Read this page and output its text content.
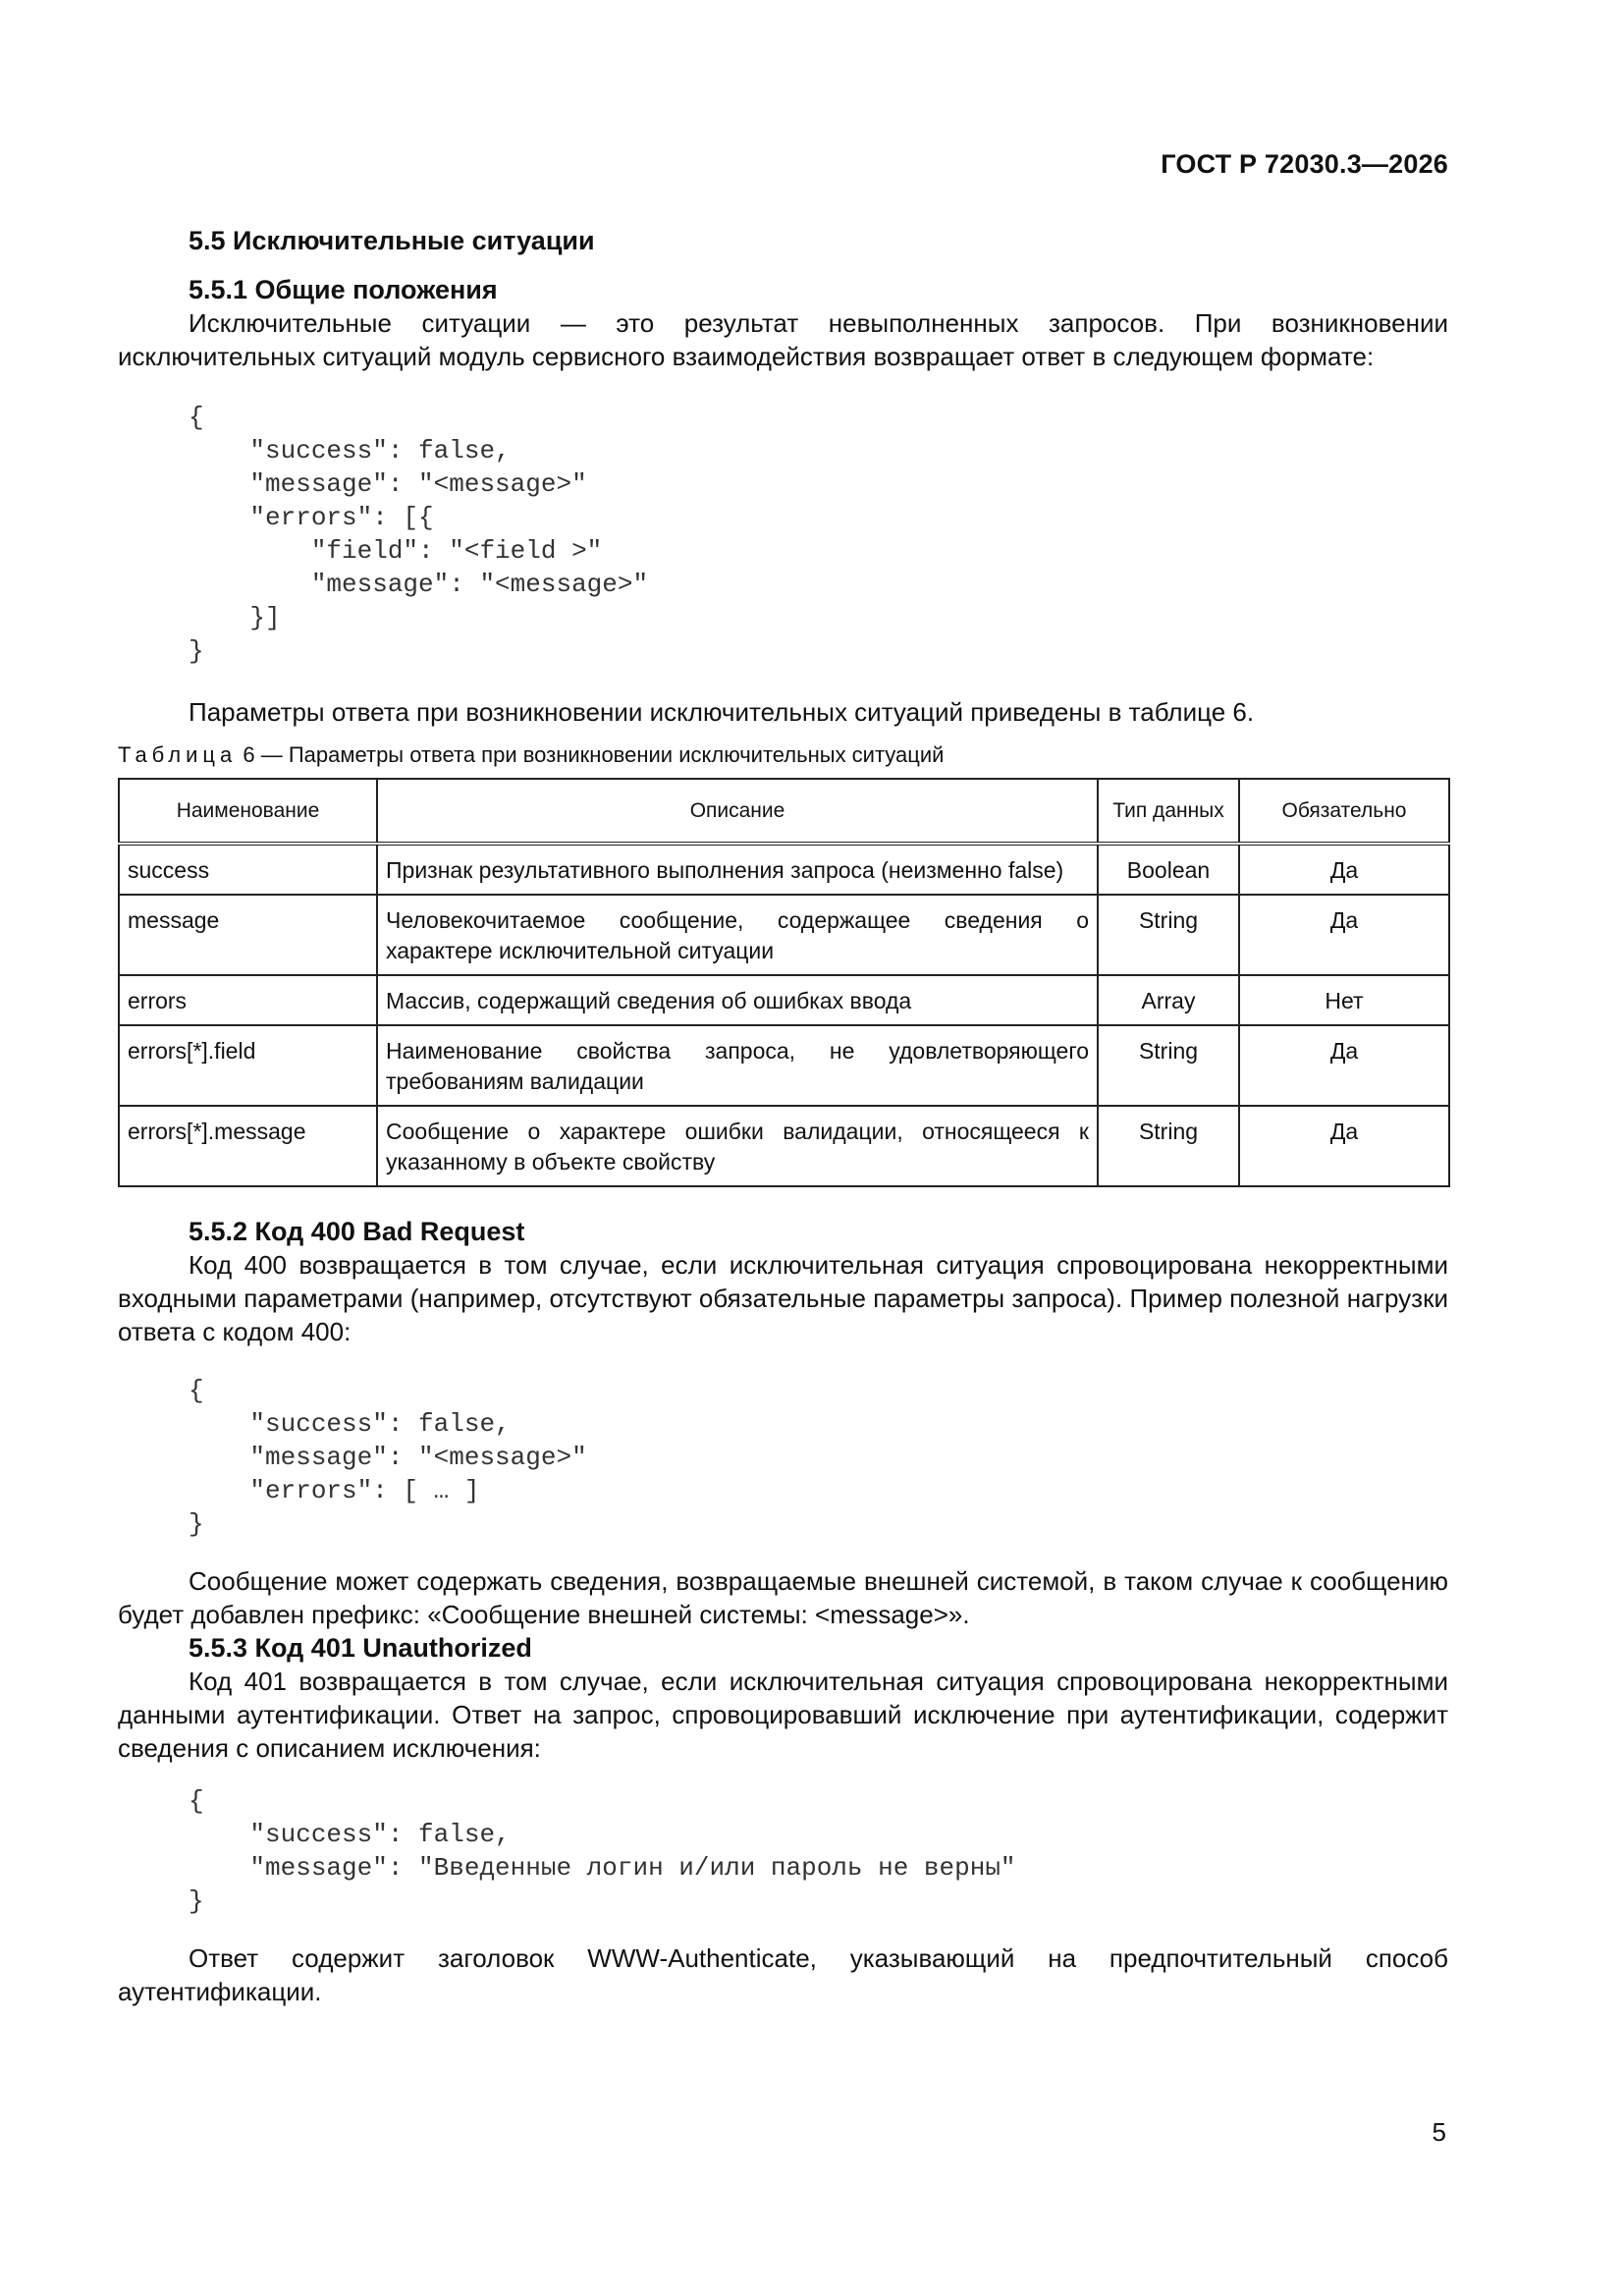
ГОСТ Р 72030.3—2026
5.5 Исключительные ситуации
5.5.1 Общие положения

Исключительные ситуации — это результат невыполненных запросов. При возникновении исключительных ситуаций модуль сервисного взаимодействия возвращает ответ в следующем формате:

{
"success": false,
"message": "<message>"
"errors": [{
"field": "<field >"
"message": "<message>"
}]
}

Параметры ответа при возникновении исключительных ситуаций приведены в таблице 6.

Таблица 6 — Параметры ответа при возникновении исключительных ситуаций
Наименование	Описание	Тип данных	Обязательно
success	Признак результативного выполнения запроса (неизменно false)	Boolean	Да
message	Человекочитаемое сообщение, содержащее сведения о характере исключительной ситуации	String	Да
errors	Массив, содержащий сведения об ошибках ввода	Array	Нет
errors[*].field	Наименование свойства запроса, не удовлетворяющего требованиям валидации	String	Да
errors[*].message	Сообщение о характере ошибки валидации, относящееся к указанному в объекте свойству	String	Да
5.5.2 Код 400 Bad Request

Код 400 возвращается в том случае, если исключительная ситуация спровоцирована некорректными входными параметрами (например, отсутствуют обязательные параметры запроса). Пример полезной нагрузки ответа с кодом 400:

{
"success": false,
"message": "<message>"
"errors": [ … ]
}

Сообщение может содержать сведения, возвращаемые внешней системой, в таком случае к сообщению будет добавлен префикс: «Сообщение внешней системы: <message>».

5.5.3 Код 401 Unauthorized

Код 401 возвращается в том случае, если исключительная ситуация спровоцирована некорректными данными аутентификации. Ответ на запрос, спровоцировавший исключение при аутентификации, содержит сведения с описанием исключения:

{
"success": false,
"message": "Введенные логин и/или пароль не верны"
}

Ответ содержит заголовок WWW-Authenticate, указывающий на предпочтительный способ аутентификации.

5
